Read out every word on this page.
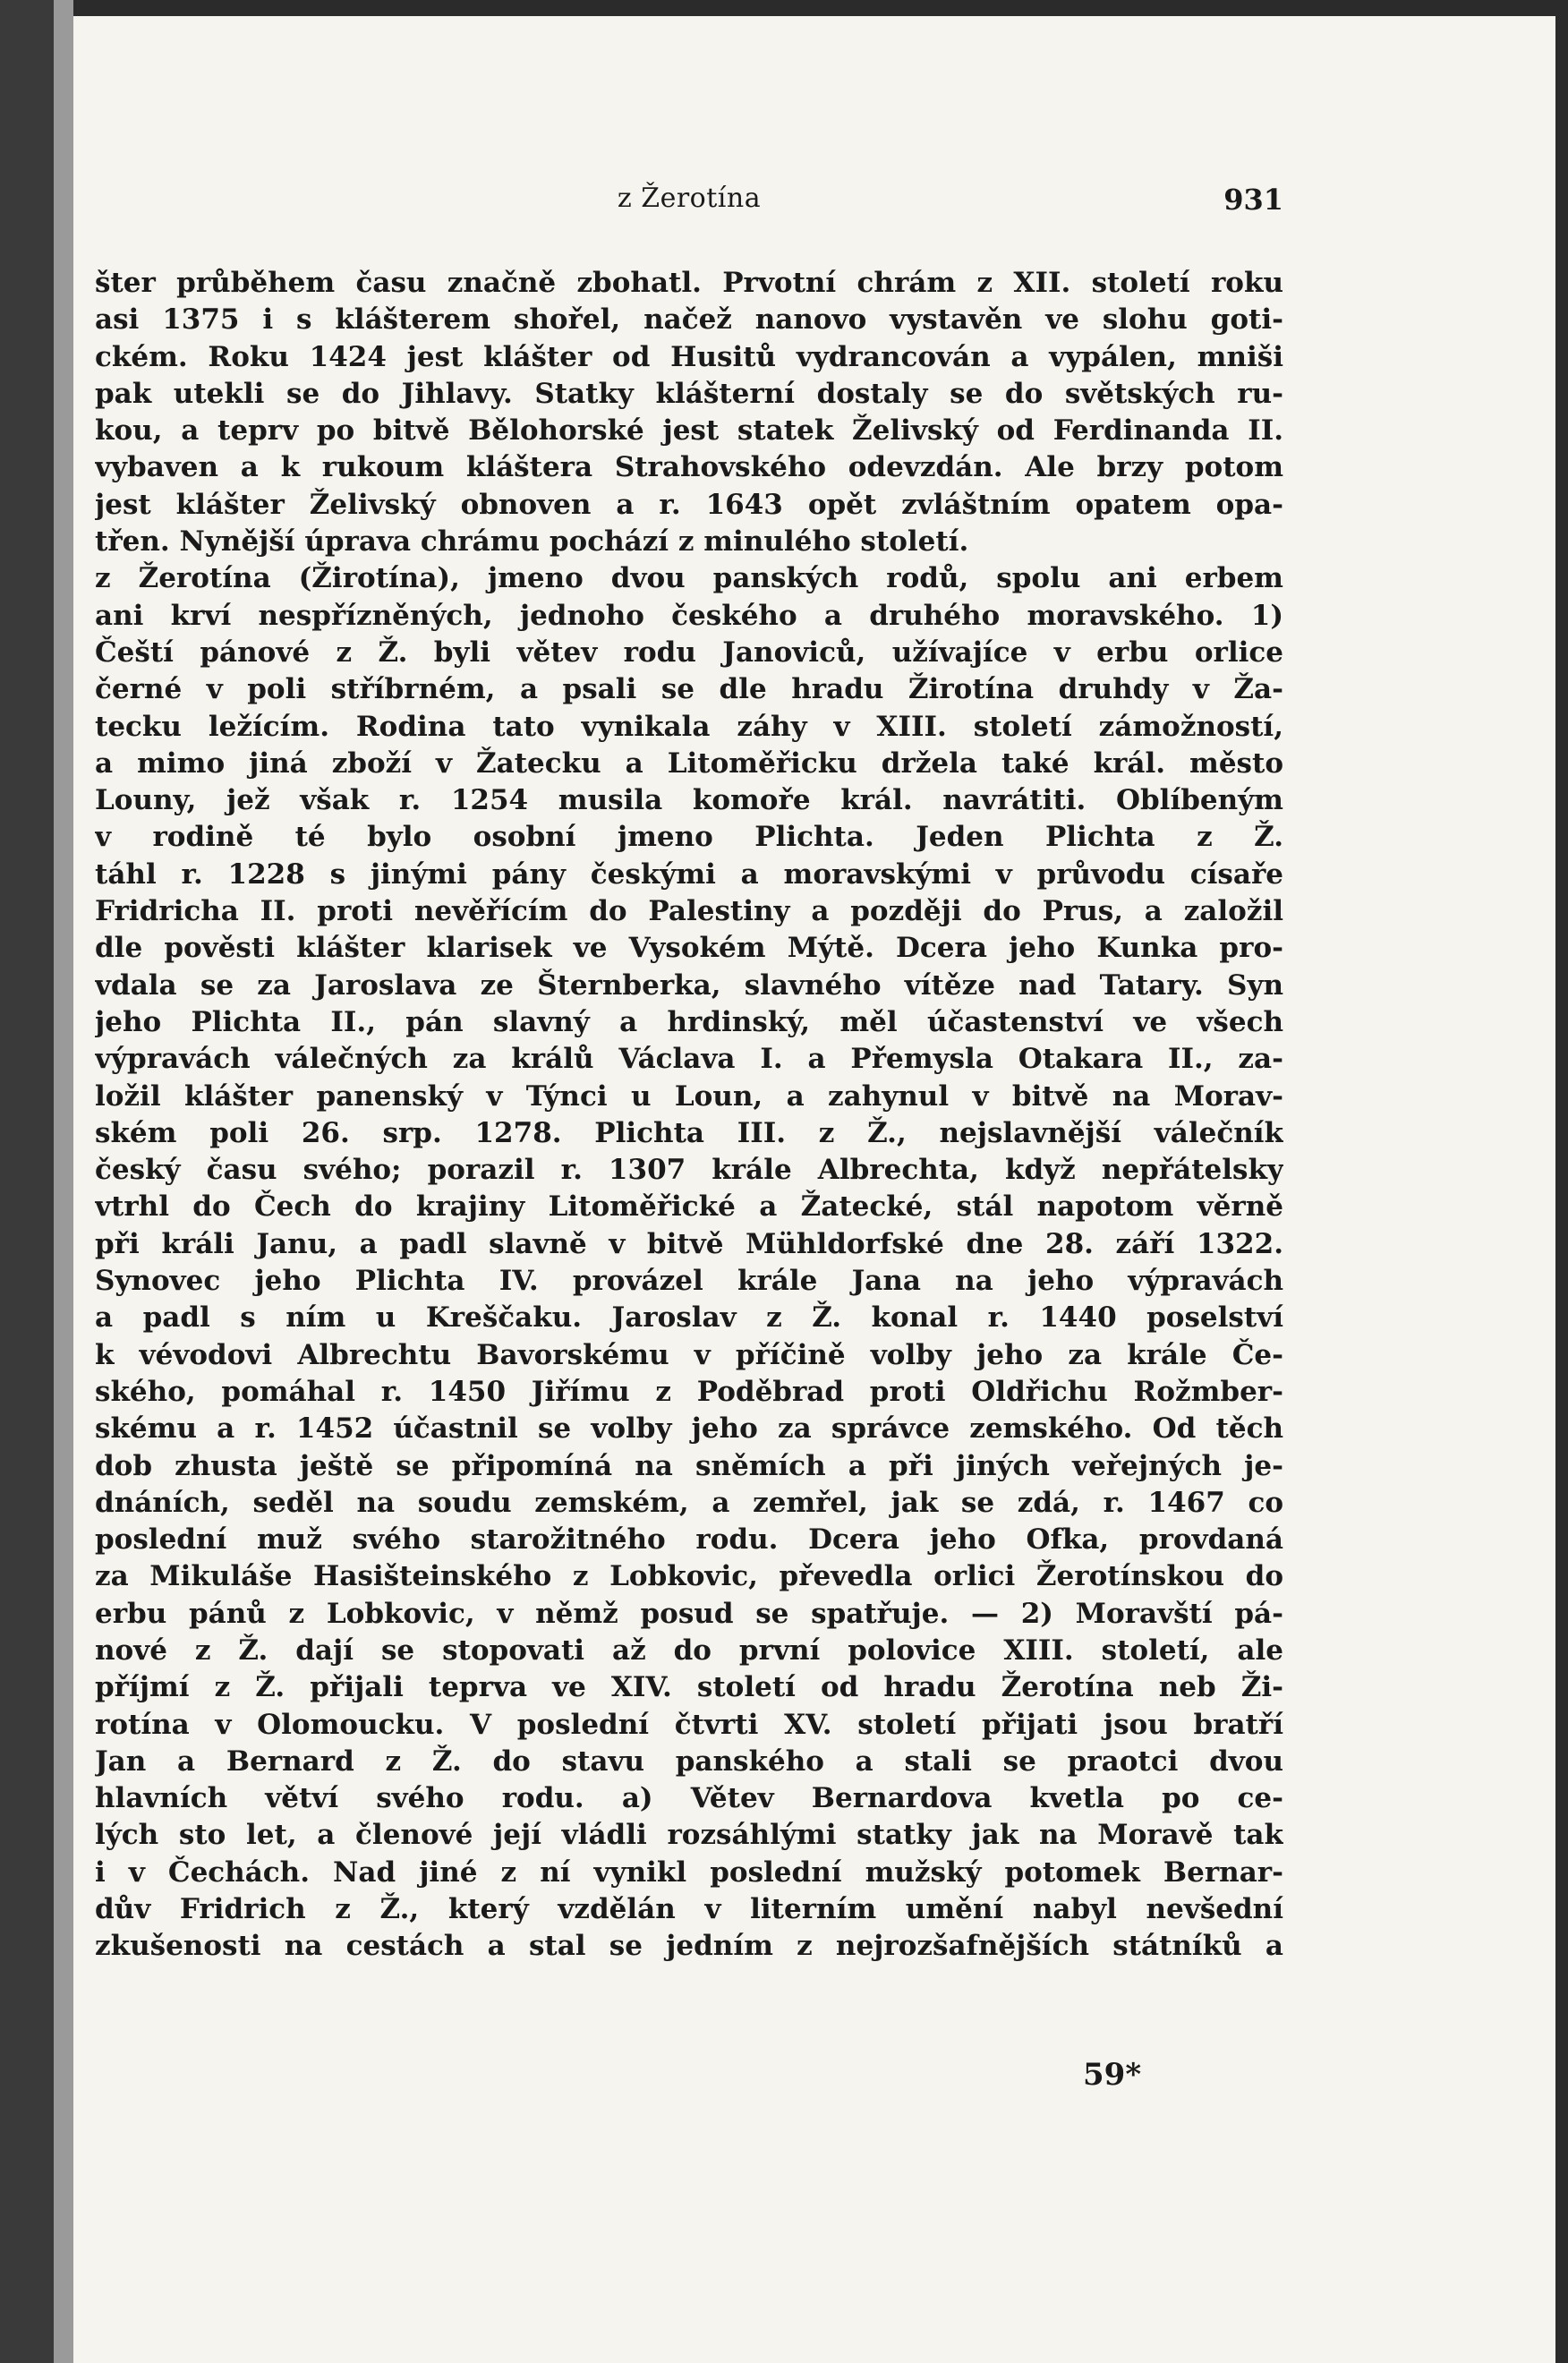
z Žerotína	931
šter průběhem času značně zbohatl. Prvotní chrám z XII. století roku
asi 1375 i s klášterem shořel, načež nanovo vystavěn ve slohu goti-
ckém. Roku 1424 jest klášter od Husitů vydrancován a vypálen, mniši
pak utekli se do Jihlavy. Statky klášterní dostaly se do světských ru-
kou, a teprv po bitvě Bělohorské jest statek Želivský od Ferdinanda II.
vybaven a k rukoum kláštera Strahovského odevzdán. Ale brzy potom
jest klášter Želivský obnoven a r. 1643 opět zvláštním opatem opa-
třen. Nynější úprava chrámu pochází z minulého století.
z Žerotína (Žirotína), jmeno dvou panských rodů, spolu ani erbem
ani krví nespřízněných, jednoho českého a druhého moravského. 1)
Čeští pánové z Ž. byli větev rodu Janoviců, užívajíce v erbu orlice
černé v poli stříbrném, a psali se dle hradu Žirotína druhdy v Ža-
tecku ležícím. Rodina tato vynikala záhy v XIII. století zámožností,
a mimo jiná zboží v Žatecku a Litoměřicku držela také král. město
Louny, jež však r. 1254 musila komoře král. navrátiti. Oblíbeným
v rodině té bylo osobní jmeno Plichta. Jeden Plichta z Ž.
táhl r. 1228 s jinými pány českými a moravskými v průvodu císaře
Fridricha II. proti nevěřícím do Palestiny a později do Prus, a založil
dle pověsti klášter klarisek ve Vysokém Mýtě. Dcera jeho Kunka pro-
vdala se za Jaroslava ze Šternberka, slavného vítěze nad Tatary. Syn
jeho Plichta II., pán slavný a hrdinský, měl účastenství ve všech
výpravách válečných za králů Václava I. a Přemysla Otakara II., za-
ložil klášter panenský v Týnci u Loun, a zahynul v bitvě na Morav-
ském poli 26. srp. 1278. Plichta III. z Ž., nejslavnější válečník
český času svého; porazil r. 1307 krále Albrechta, když nepřátelsky
vtrhl do Čech do krajiny Litoměřické a Žatecké, stál napotom věrně
při králi Janu, a padl slavně v bitvě Mühldorfské dne 28. září 1322.
Synovec jeho Plichta IV. provázel krále Jana na jeho výpravách
a padl s ním u Kreščaku. Jaroslav z Ž. konal r. 1440 poselství
k vévodovi Albrechtu Bavorskému v příčině volby jeho za krále Če-
ského, pomáhal r. 1450 Jiřímu z Poděbrad proti Oldřichu Rožmber-
skému a r. 1452 účastnil se volby jeho za správce zemského. Od těch
dob zhusta ještě se připomíná na sněmích a při jiných veřejných je-
dnáních, seděl na soudu zemském, a zemřel, jak se zdá, r. 1467 co
poslední muž svého starožitného rodu. Dcera jeho Ofka, provdaná
za Mikuláše Hasišteinského z Lobkovic, převedla orlici Žerotínskou do
erbu pánů z Lobkovic, v němž posud se spatřuje. — 2) Moravští pá-
nové z Ž. dají se stopovati až do první polovice XIII. století, ale
příjmí z Ž. přijali teprva ve XIV. století od hradu Žerotína neb Ži-
rotína v Olomoucku. V poslední čtvrti XV. století přijati jsou bratří
Jan a Bernard z Ž. do stavu panského a stali se praotci dvou
hlavních větví svého rodu. a) Větev Bernardova kvetla po ce-
lých sto let, a členové její vládli rozsáhlými statky jak na Moravě tak
i v Čechách. Nad jiné z ní vynikl poslední mužský potomek Bernar-
dův Fridrich z Ž., který vzdělán v literním umění nabyl nevšední
zkušenosti na cestách a stal se jedním z nejrozšafnějších státníků a
59*
